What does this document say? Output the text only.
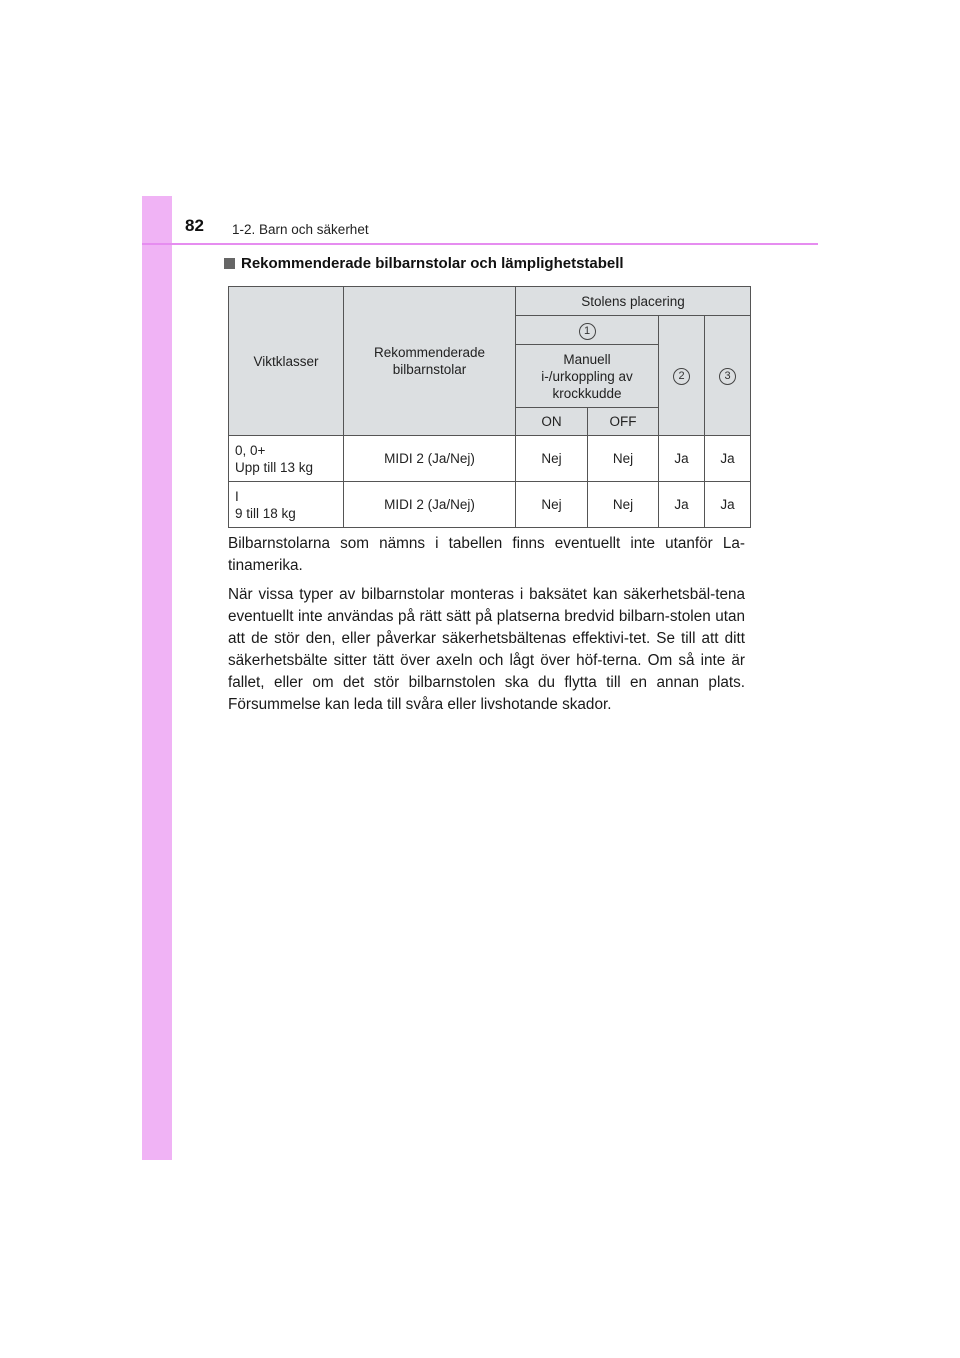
82 1-2. Barn och säkerhet
Rekommenderade bilbarnstolar och lämplighetstabell
Viktklasser	Rekommenderade bilbarnstolar	Stolens placering			
		1		2	3

		Manuell i-/urkoppling av krockkudde			

		ON	OFF		

0, 0+
Upp till 13 kg	MIDI 2 (Ja/Nej)	Nej	Nej	Ja	Ja

I
9 till 18 kg	MIDI 2 (Ja/Nej)	Nej	Nej	Ja	Ja

Bilbarnstolarna som nämns i tabellen finns eventuellt inte utanför La-tinamerika.

När vissa typer av bilbarnstolar monteras i baksätet kan säkerhetsbäl-tena eventuellt inte användas på rätt sätt på platserna bredvid bilbarn-stolen utan att de stör den, eller påverkar säkerhetsbältenas effektivi-tet. Se till att ditt säkerhetsbälte sitter tätt över axeln och lågt över höf-terna. Om så inte är fallet, eller om det stör bilbarnstolen ska du flytta till en annan plats. Försummelse kan leda till svåra eller livshotande skador.
